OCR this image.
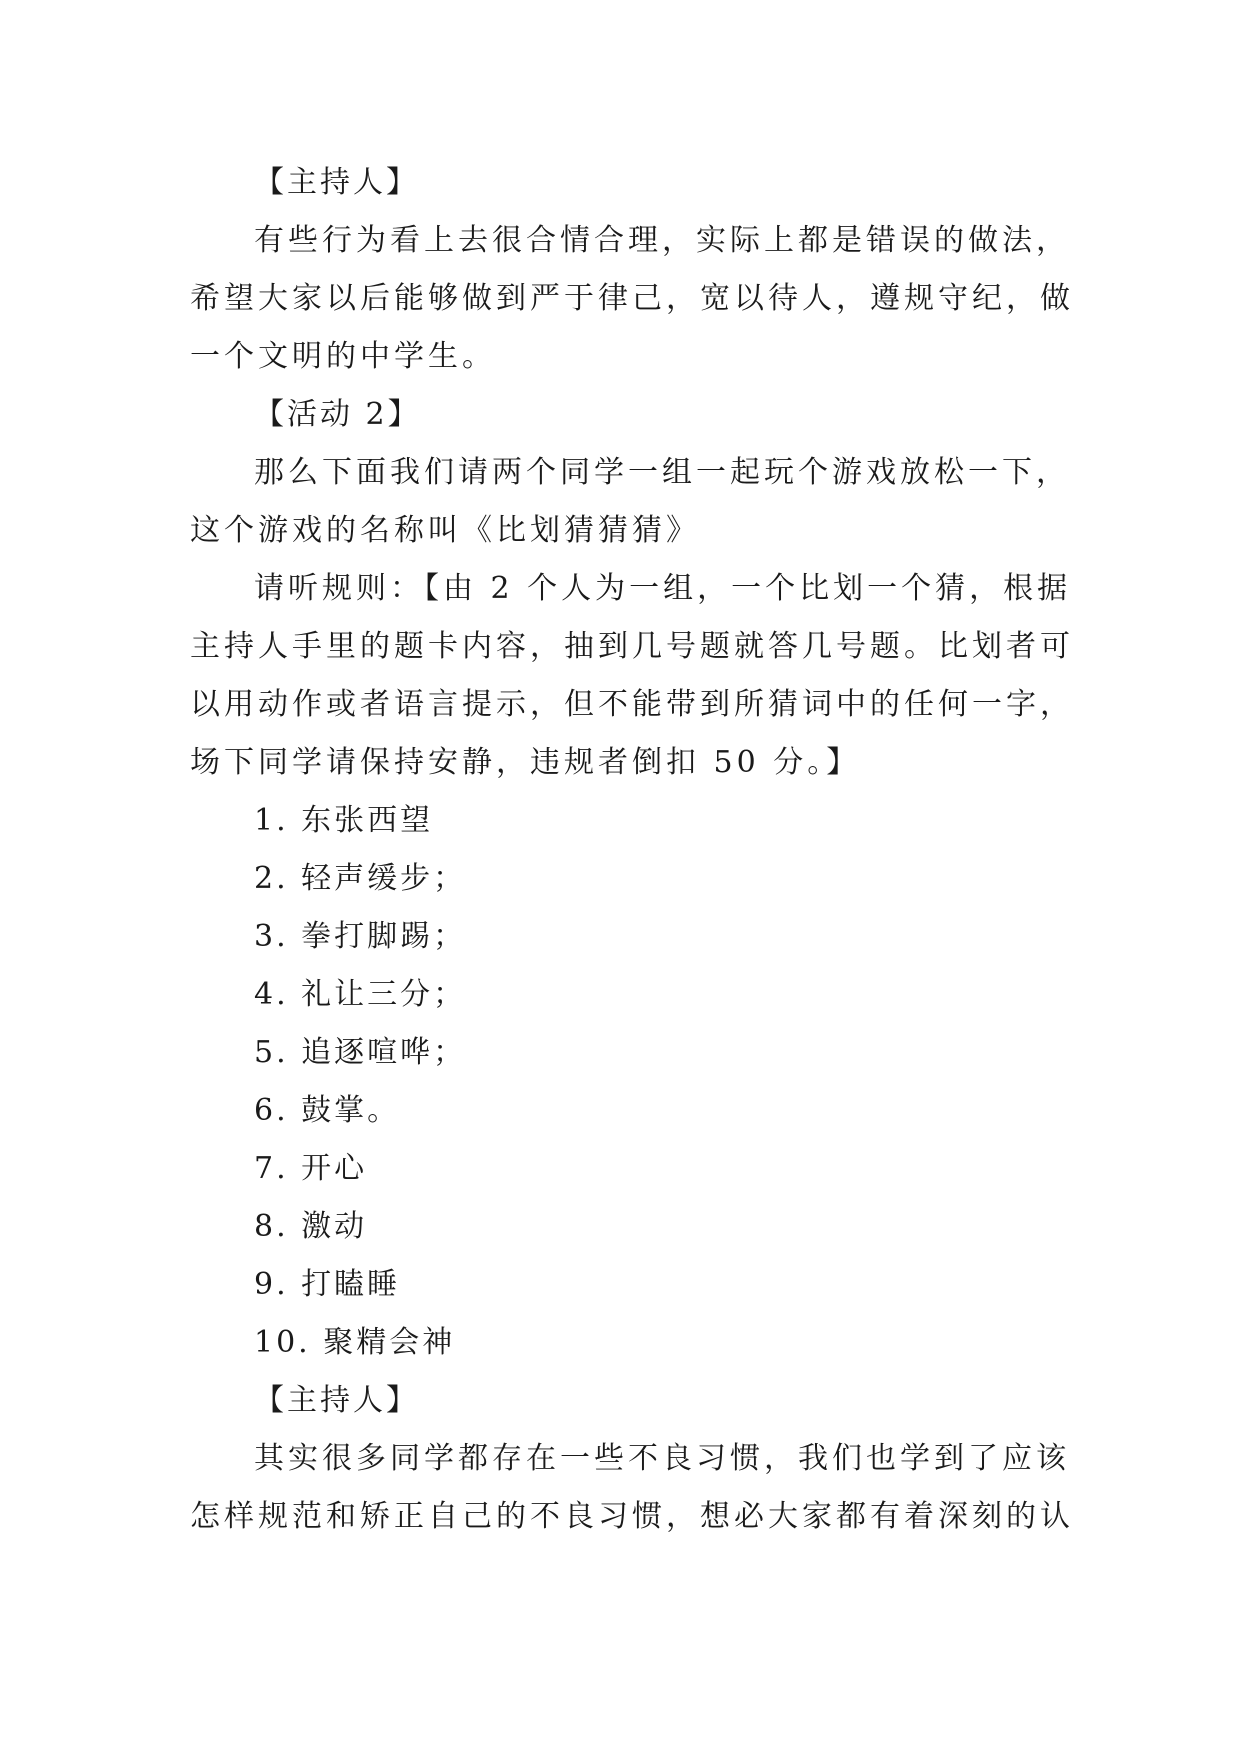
【主持人】
有些行为看上去很合情合理，实际上都是错误的做法，
希望大家以后能够做到严于律己，宽以待人，遵规守纪，做
一个文明的中学生。
【活动 2】
那么下面我们请两个同学一组一起玩个游戏放松一下，
这个游戏的名称叫《比划猜猜猜》
请听规则：【由 2 个人为一组，一个比划一个猜，根据
主持人手里的题卡内容，抽到几号题就答几号题。比划者可
以用动作或者语言提示，但不能带到所猜词中的任何一字，
场下同学请保持安静，违规者倒扣 50 分。】
1. 东张西望
2. 轻声缓步；
3. 拳打脚踢；
4. 礼让三分；
5. 追逐喧哗；
6. 鼓掌。
7. 开心
8. 激动
9. 打瞌睡
10. 聚精会神
【主持人】
其实很多同学都存在一些不良习惯，我们也学到了应该
怎样规范和矫正自己的不良习惯，想必大家都有着深刻的认
